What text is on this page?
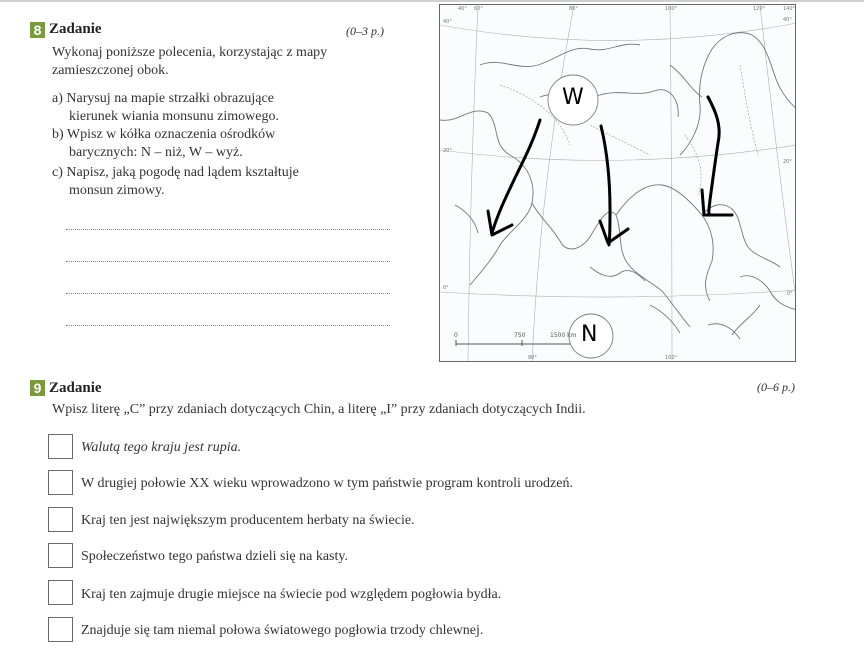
8 Zadanie	(0–3 p.)
Wykonaj poniższe polecenia, korzystając z mapy
zamieszczonej obok.
a) Narysuj na mapie strzałki obrazujące
kierunek wiania monsunu zimowego.
b) Wpisz w kółka oznaczenia ośrodków
barycznych: N – niż, W – wyż.
c) Napisz, jaką pogodę nad lądem kształtuje
monsun zimowy.
40° 60°	80°	100°	120°	140°
40°
20°
0°
40°
20°
0°
80°	100°
0	750	1500 km
W
N
9 Zadanie	(0–6 p.)
Wpisz literę „C” przy zdaniach dotyczących Chin, a literę „I” przy zdaniach dotyczących Indii.
Walutą tego kraju jest rupia.
W drugiej połowie XX wieku wprowadzono w tym państwie program kontroli urodzeń.
Kraj ten jest największym producentem herbaty na świecie.
Społeczeństwo tego państwa dzieli się na kasty.
Kraj ten zajmuje drugie miejsce na świecie pod względem pogłowia bydła.
Znajduje się tam niemal połowa światowego pogłowia trzody chlewnej.
